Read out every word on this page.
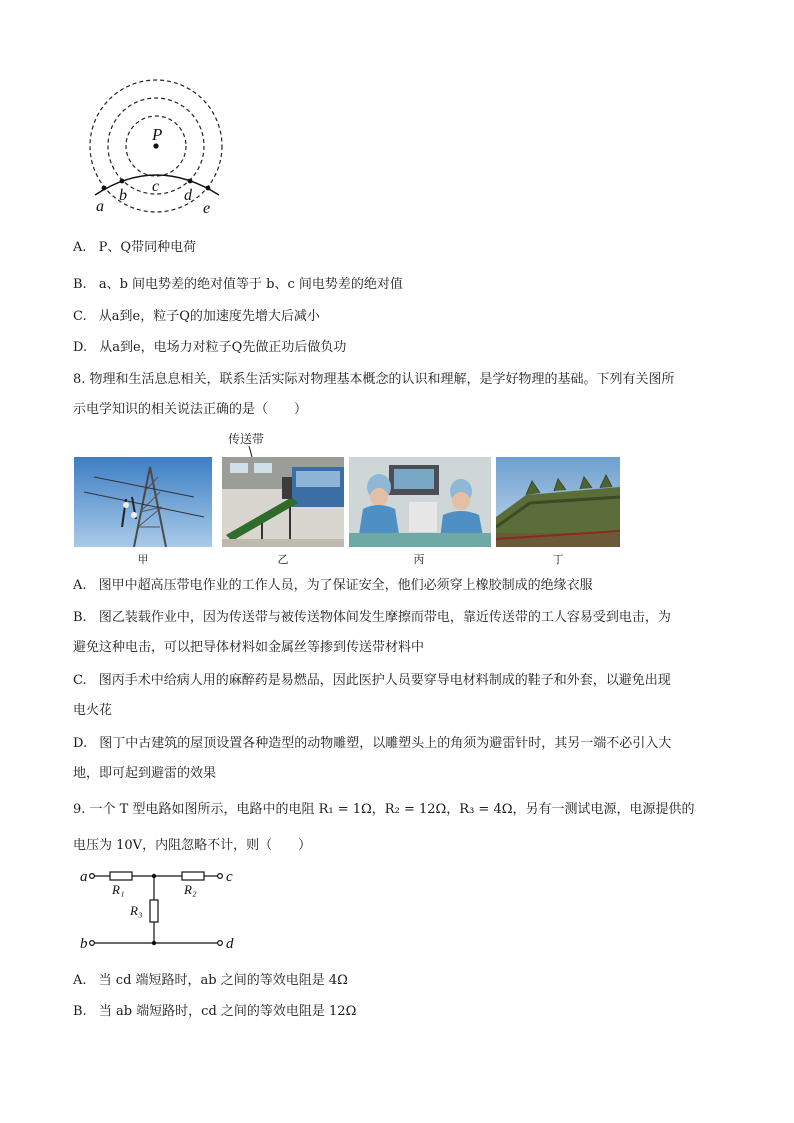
P
a
b
c
d
e
A. P、Q带同种电荷
B. a、b 间电势差的绝对值等于 b、c 间电势差的绝对值
C. 从a到e，粒子Q的加速度先增大后减小
D. 从a到e，电场力对粒子Q先做正功后做负功
8. 物理和生活息息相关，联系生活实际对物理基本概念的认识和理解，是学好物理的基础。下列有关图所
示电学知识的相关说法正确的是（　　）
传送带
甲	乙	丙	丁
A. 图甲中超高压带电作业的工作人员，为了保证安全，他们必须穿上橡胶制成的绝缘衣服
B. 图乙装载作业中，因为传送带与被传送物体间发生摩擦而带电，靠近传送带的工人容易受到电击，为
避免这种电击，可以把导体材料如金属丝等掺到传送带材料中
C. 图丙手术中给病人用的麻醉药是易燃品，因此医护人员要穿导电材料制成的鞋子和外套，以避免出现
电火花
D. 图丁中古建筑的屋顶设置各种造型的动物雕塑，以雕塑头上的角须为避雷针时，其另一端不必引入大
地，即可起到避雷的效果
9. 一个 T 型电路如图所示，电路中的电阻 R₁ = 1Ω，R₂ = 12Ω，R₃ = 4Ω，另有一测试电源，电源提供的
电压为 10V，内阻忽略不计，则（　　）
a	c
b	d
R₁	R₂
R₃
A. 当 cd 端短路时，ab 之间的等效电阻是 4Ω
B. 当 ab 端短路时，cd 之间的等效电阻是 12Ω
